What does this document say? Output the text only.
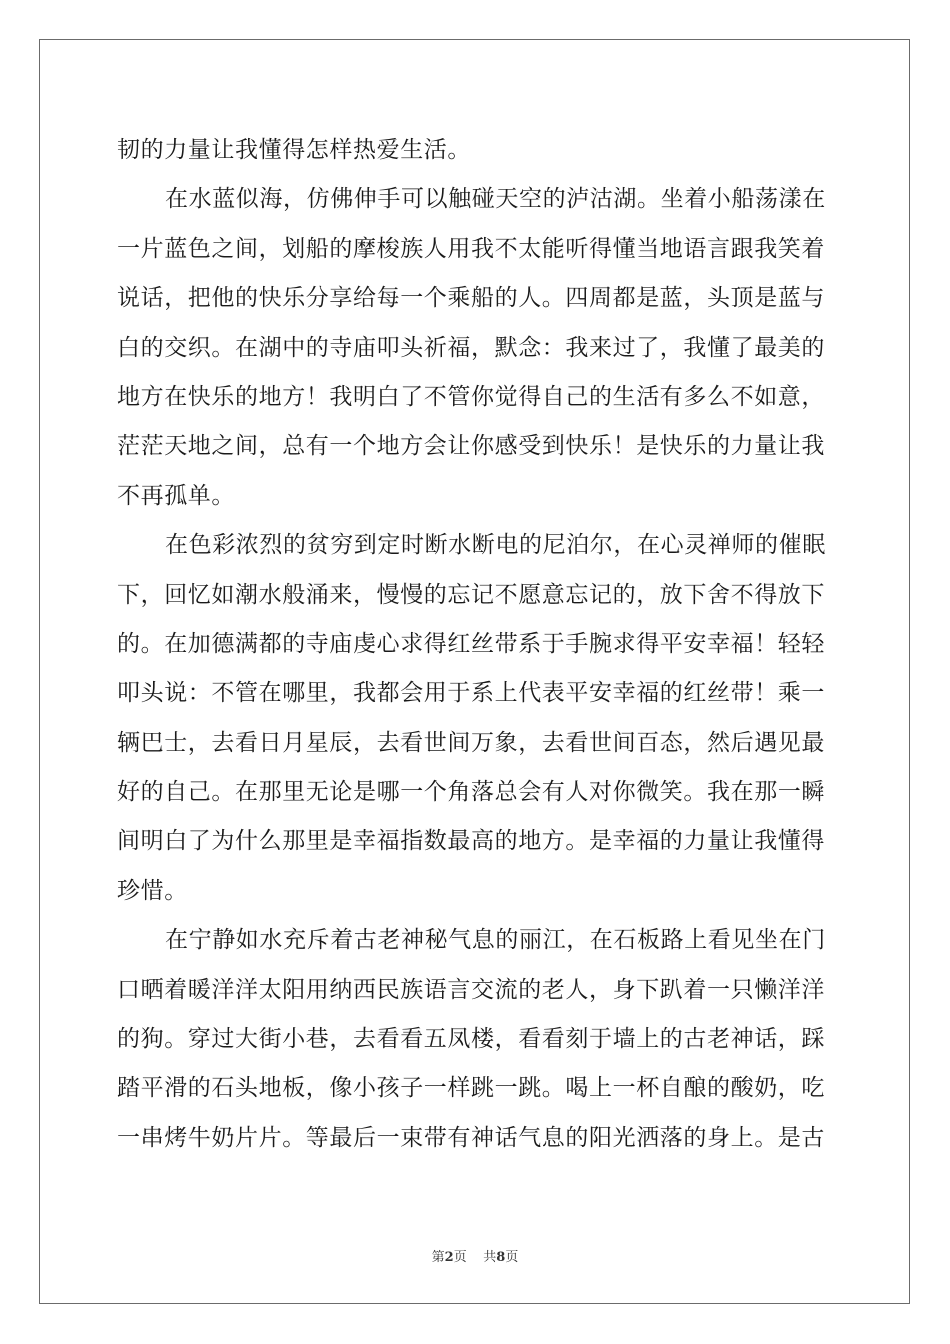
韧的力量让我懂得怎样热爱生活。
在水蓝似海，仿佛伸手可以触碰天空的泸沽湖。坐着小船荡漾在
一片蓝色之间，划船的摩梭族人用我不太能听得懂当地语言跟我笑着
说话，把他的快乐分享给每一个乘船的人。四周都是蓝，头顶是蓝与
白的交织。在湖中的寺庙叩头祈福，默念：我来过了，我懂了最美的
地方在快乐的地方！我明白了不管你觉得自己的生活有多么不如意，
茫茫天地之间，总有一个地方会让你感受到快乐！是快乐的力量让我
不再孤单。
在色彩浓烈的贫穷到定时断水断电的尼泊尔，在心灵禅师的催眠
下，回忆如潮水般涌来，慢慢的忘记不愿意忘记的，放下舍不得放下
的。在加德满都的寺庙虔心求得红丝带系于手腕求得平安幸福！轻轻
叩头说：不管在哪里，我都会用于系上代表平安幸福的红丝带！乘一
辆巴士，去看日月星辰，去看世间万象，去看世间百态，然后遇见最
好的自己。在那里无论是哪一个角落总会有人对你微笑。我在那一瞬
间明白了为什么那里是幸福指数最高的地方。是幸福的力量让我懂得
珍惜。
在宁静如水充斥着古老神秘气息的丽江，在石板路上看见坐在门
口晒着暖洋洋太阳用纳西民族语言交流的老人，身下趴着一只懒洋洋
的狗。穿过大街小巷，去看看五凤楼，看看刻于墙上的古老神话，踩
踏平滑的石头地板，像小孩子一样跳一跳。喝上一杯自酿的酸奶，吃
一串烤牛奶片片。等最后一束带有神话气息的阳光洒落的身上。是古
第2页 共8页
